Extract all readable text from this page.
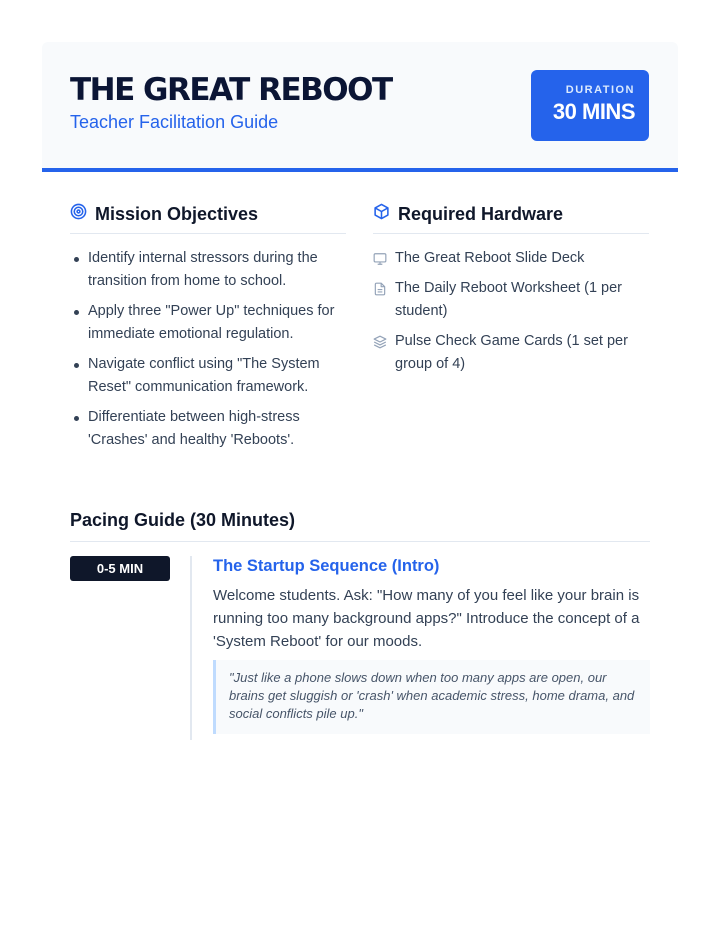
THE GREAT REBOOT
Teacher Facilitation Guide
DURATION
30 MINS
Mission Objectives
Identify internal stressors during the transition from home to school.
Apply three "Power Up" techniques for immediate emotional regulation.
Navigate conflict using "The System Reset" communication framework.
Differentiate between high-stress 'Crashes' and healthy 'Reboots'.
Required Hardware
The Great Reboot Slide Deck
The Daily Reboot Worksheet (1 per student)
Pulse Check Game Cards (1 set per group of 4)
Pacing Guide (30 Minutes)
0-5 MIN	The Startup Sequence (Intro)
Welcome students. Ask: "How many of you feel like your brain is running too many background apps?" Introduce the concept of a 'System Reboot' for our moods.
"Just like a phone slows down when too many apps are open, our brains get sluggish or 'crash' when academic stress, home drama, and social conflicts pile up."
